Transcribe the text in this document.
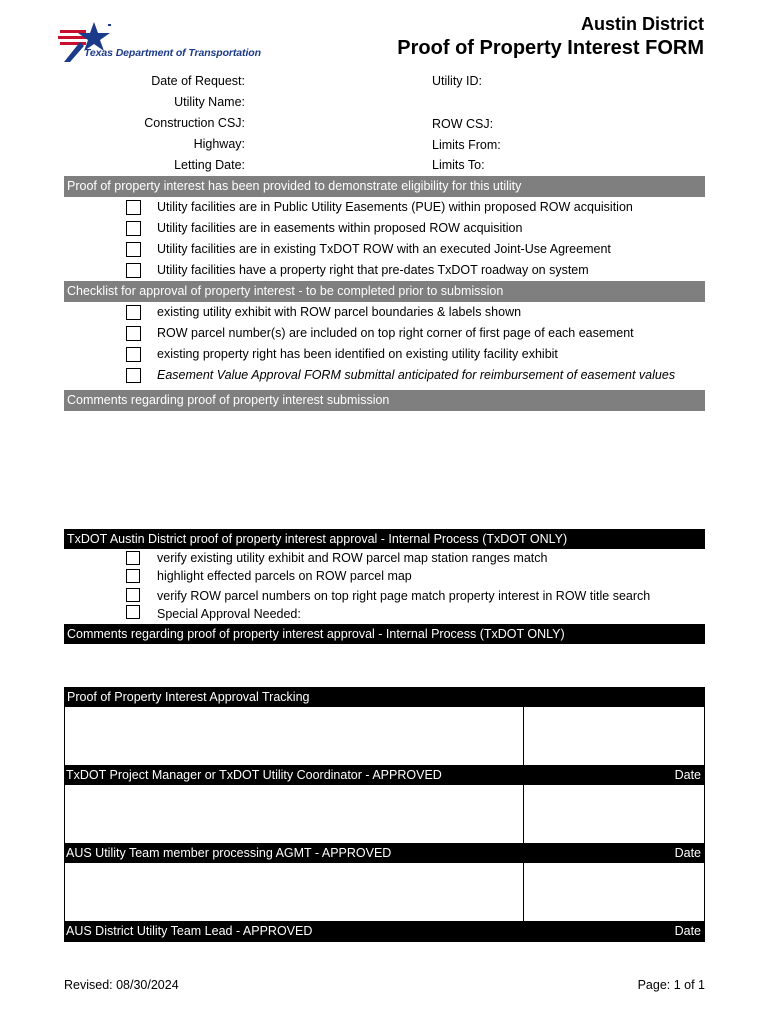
Texas Department of Transportation
Austin District
Proof of Property Interest FORM
Date of Request:
Utility Name:
Construction CSJ:
Highway:
Letting Date:
Utility ID:
ROW CSJ:
Limits From:
Limits To:
Proof of property interest has been provided to demonstrate eligibility for this utility
Utility facilities are in Public Utility Easements (PUE) within proposed ROW acquisition
Utility facilities are in easements within proposed ROW acquisition
Utility facilities are in existing TxDOT ROW with an executed Joint-Use Agreement
Utility facilities have a property right that pre-dates TxDOT roadway on system
Checklist for approval of property interest - to be completed prior to submission
existing utility exhibit with ROW parcel boundaries & labels shown
ROW parcel number(s) are included on top right corner of first page of each easement
existing property right has been identified on existing utility facility exhibit
Easement Value Approval FORM submittal anticipated for reimbursement of easement values
Comments regarding proof of property interest submission
TxDOT Austin District proof of property interest approval - Internal Process (TxDOT ONLY)
verify existing utility exhibit and ROW parcel map station ranges match
highlight effected parcels on ROW parcel map
verify ROW parcel numbers on top right page match property interest in ROW title search
Special Approval Needed:
Comments regarding proof of property interest approval - Internal Process (TxDOT ONLY)
Proof of Property Interest Approval Tracking
TxDOT Project Manager or TxDOT Utility Coordinator - APPROVED	Date
AUS Utility Team member processing AGMT - APPROVED	Date
AUS District Utility Team Lead - APPROVED	Date
Revised: 08/30/2024	Page: 1 of 1
